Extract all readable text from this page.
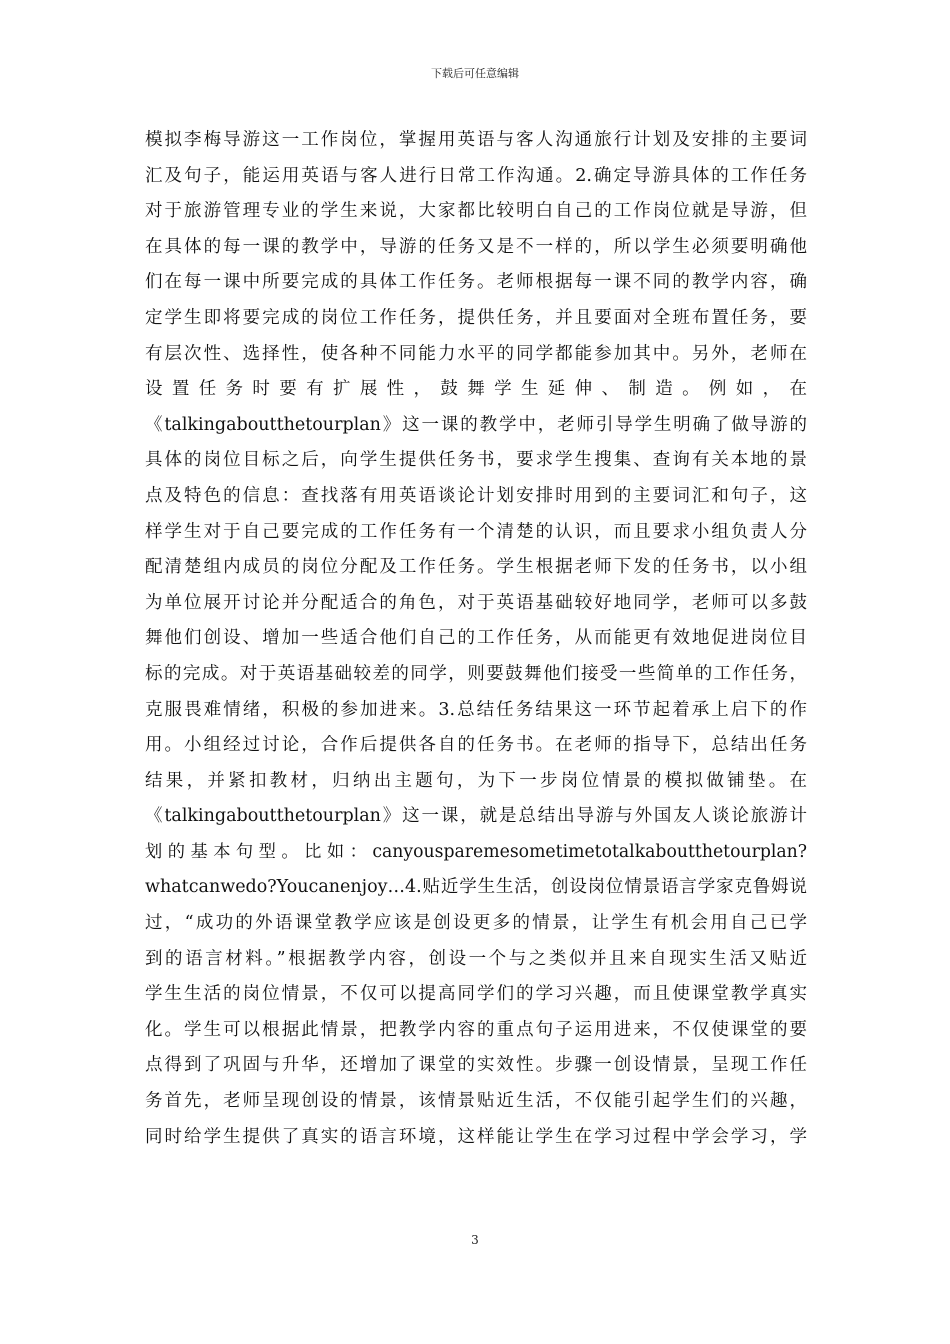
下载后可任意编辑
模拟李梅导游这一工作岗位，掌握用英语与客人沟通旅行计划及安排的主要词
汇及句子，能运用英语与客人进行日常工作沟通。2.确定导游具体的工作任务
对于旅游管理专业的学生来说，大家都比较明白自己的工作岗位就是导游，但
在具体的每一课的教学中，导游的任务又是不一样的，所以学生必须要明确他
们在每一课中所要完成的具体工作任务。老师根据每一课不同的教学内容，确
定学生即将要完成的岗位工作任务，提供任务，并且要面对全班布置任务，要
有层次性、选择性，使各种不同能力水平的同学都能参加其中。另外，老师在
设 置 任 务 时 要 有 扩 展 性 ， 鼓 舞 学 生 延 伸 、 制 造 。 例 如 ， 在
《talkingaboutthetourplan》这一课的教学中，老师引导学生明确了做导游的
具体的岗位目标之后，向学生提供任务书，要求学生搜集、查询有关本地的景
点及特色的信息：查找落有用英语谈论计划安排时用到的主要词汇和句子，这
样学生对于自己要完成的工作任务有一个清楚的认识，而且要求小组负责人分
配清楚组内成员的岗位分配及工作任务。学生根据老师下发的任务书，以小组
为单位展开讨论并分配适合的角色，对于英语基础较好地同学，老师可以多鼓
舞他们创设、增加一些适合他们自己的工作任务，从而能更有效地促进岗位目
标的完成。对于英语基础较差的同学，则要鼓舞他们接受一些简单的工作任务，
克服畏难情绪，积极的参加进来。3.总结任务结果这一环节起着承上启下的作
用。小组经过讨论，合作后提供各自的任务书。在老师的指导下，总结出任务
结果，并紧扣教材，归纳出主题句，为下一步岗位情景的模拟做铺垫。在
《talkingaboutthetourplan》这一课，就是总结出导游与外国友人谈论旅游计
划 的 基 本 句 型 。 比 如 ： canyousparemesometimetotalkaboutthetourplan?
whatcanwedo?Youcanenjoy…4.贴近学生生活，创设岗位情景语言学家克鲁姆说
过，“成功的外语课堂教学应该是创设更多的情景，让学生有机会用自己已学
到的语言材料。”根据教学内容，创设一个与之类似并且来自现实生活又贴近
学生生活的岗位情景，不仅可以提高同学们的学习兴趣，而且使课堂教学真实
化。学生可以根据此情景，把教学内容的重点句子运用进来，不仅使课堂的要
点得到了巩固与升华，还增加了课堂的实效性。步骤一创设情景，呈现工作任
务首先，老师呈现创设的情景，该情景贴近生活，不仅能引起学生们的兴趣，
同时给学生提供了真实的语言环境，这样能让学生在学习过程中学会学习，学
3
